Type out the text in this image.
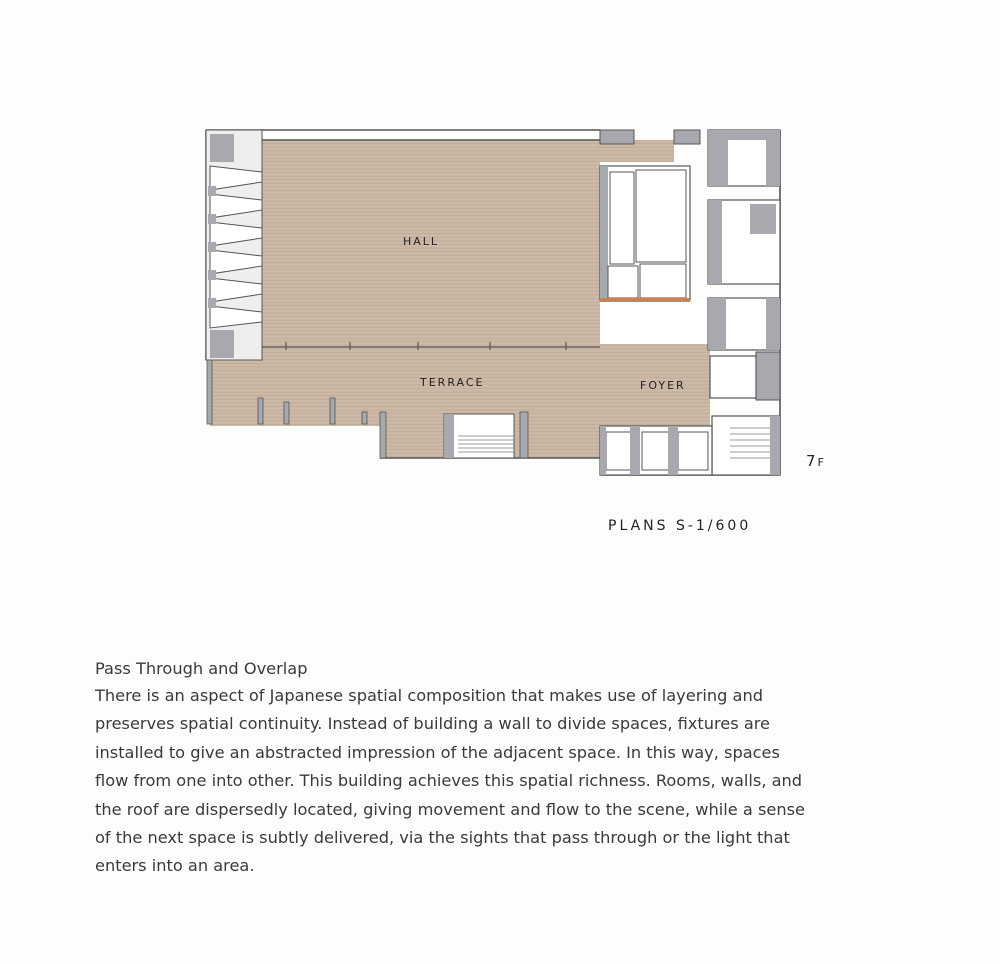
HALL
TERRACE	FOYER
7F
PLANS S-1/600
Pass Through and Overlap

There is an aspect of Japanese spatial composition that makes use of layering and

preserves spatial continuity. Instead of building a wall to divide spaces, fixtures are

installed to give an abstracted impression of the adjacent space. In this way, spaces

flow from one into other. This building achieves this spatial richness. Rooms, walls, and

the roof are dispersedly located, giving movement and flow to the scene, while a sense

of the next space is subtly delivered, via the sights that pass through or the light that

enters into an area.
